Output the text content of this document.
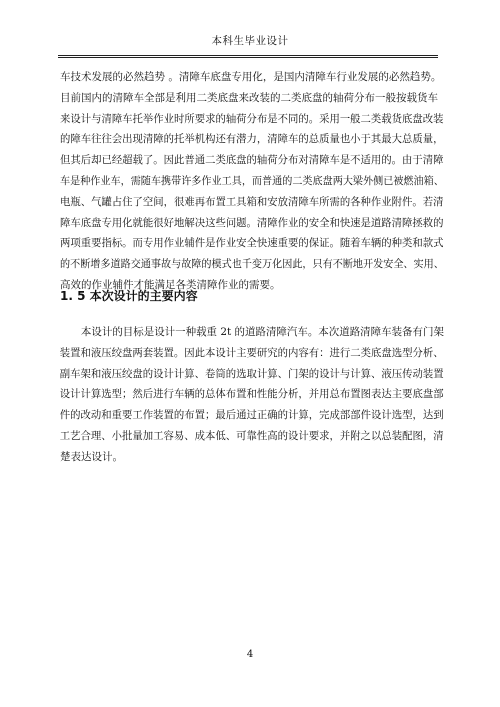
本科生毕业设计
车技术发展的必然趋势 。清障车底盘专用化，是国内清障车行业发展的必然趋势。
目前国内的清障车全部是利用二类底盘来改装的二类底盘的轴荷分布一般按载货车
来设计与清障车托举作业时所要求的轴荷分布是不同的。采用一般二类载货底盘改装
的障车往往会出现清障的托举机构还有潜力，清障车的总质量也小于其最大总质量，
但其后却已经超载了。因此普通二类底盘的轴荷分布对清障车是不适用的。由于清障
车是种作业车，需随车携带许多作业工具，而普通的二类底盘两大梁外侧已被燃油箱、
电瓶、气罐占住了空间，很难再布置工具箱和安放清障车所需的各种作业附件。若清
障车底盘专用化就能很好地解决这些问题。清障作业的安全和快速是道路清障拯救的
两项重要指标。而专用作业辅件是作业安全快速重要的保证。随着车辆的种类和款式
的不断增多道路交通事故与故障的模式也千变万化因此，只有不断地开发安全、实用、
高效的作业辅件才能满足各类清障作业的需要。
1. 5 本次设计的主要内容
本设计的目标是设计一种载重 2t 的道路清障汽车。本次道路清障车装备有门架
装置和液压绞盘两套装置。因此本设计主要研究的内容有：进行二类底盘选型分析、
副车架和液压绞盘的设计计算、卷筒的选取计算、门架的设计与计算、液压传动装置
设计计算选型；然后进行车辆的总体布置和性能分析，并用总布置图表达主要底盘部
件的改动和重要工作装置的布置；最后通过正确的计算，完成部部件设计选型，达到
工艺合理、小批量加工容易、成本低、可靠性高的设计要求，并附之以总装配图，清
楚表达设计。
4
